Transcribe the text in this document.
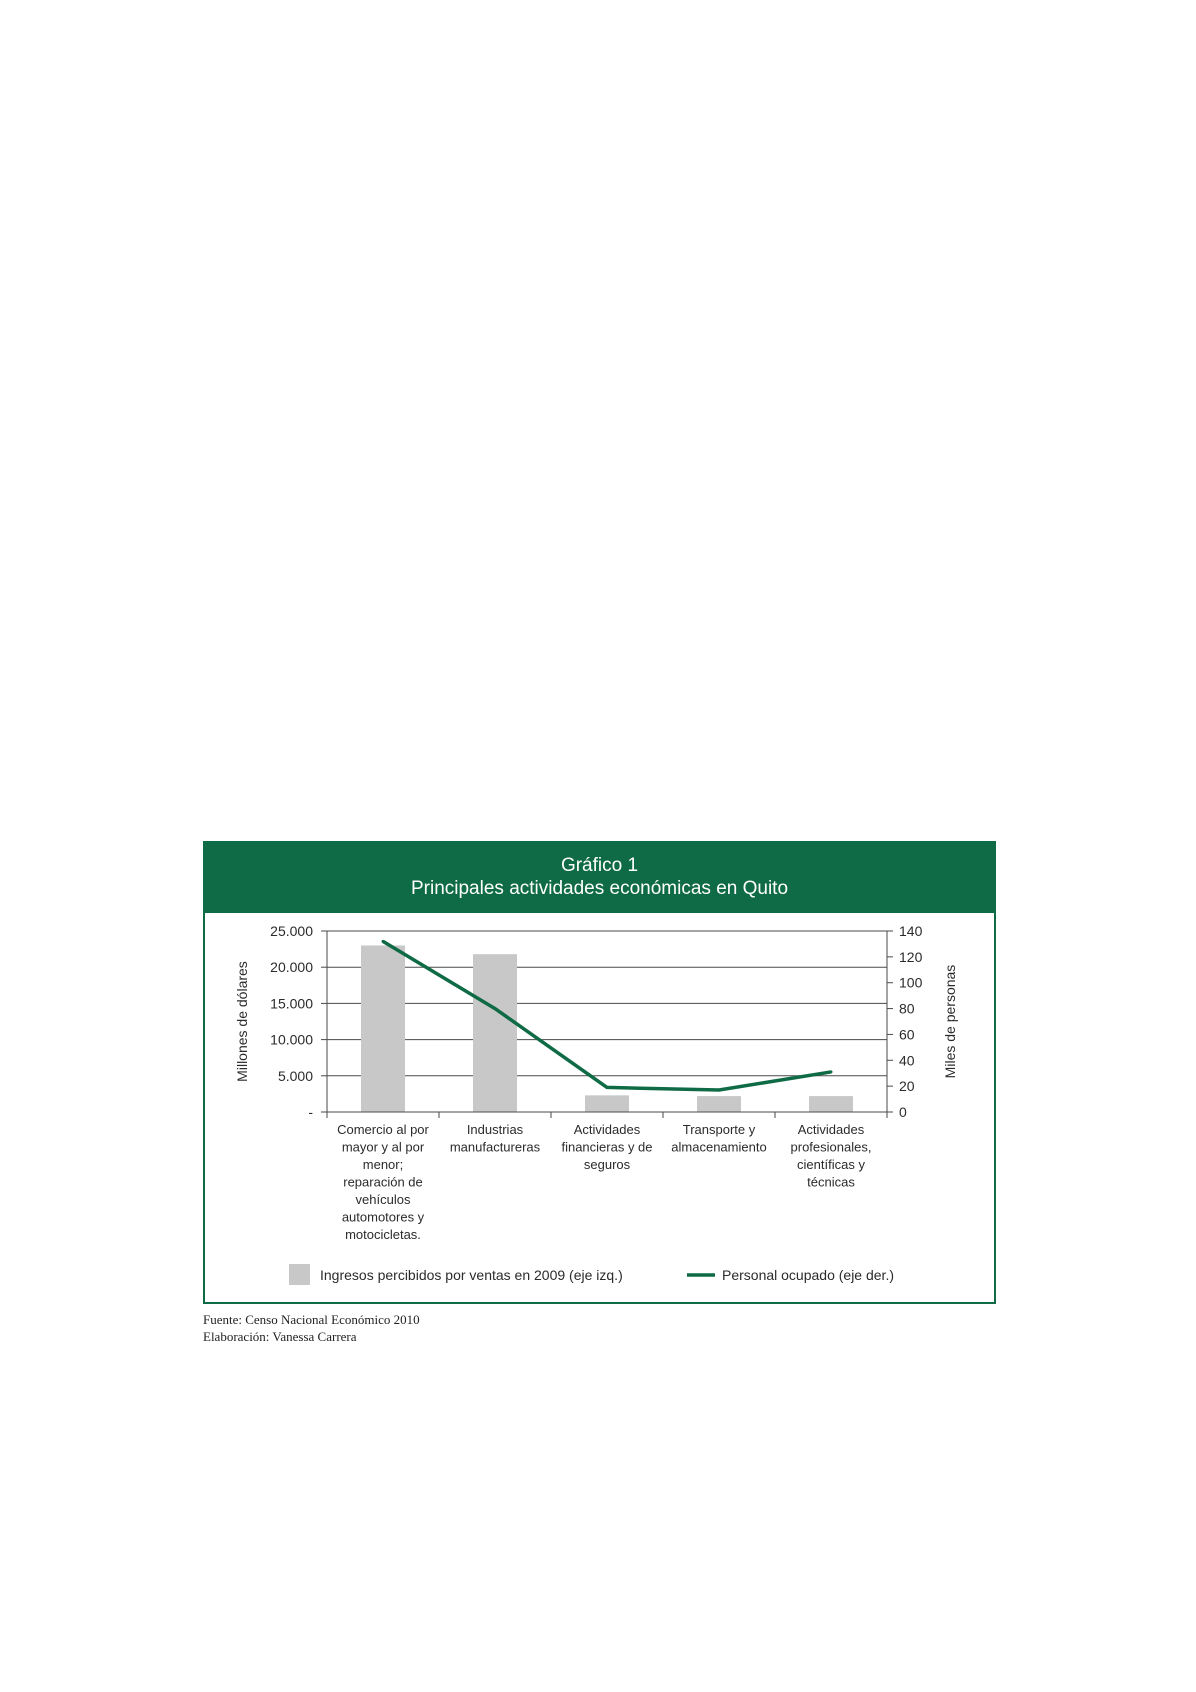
Gráfico 1
Principales actividades económicas en Quito
-
5.000
10.000
15.000
20.000
25.000
0
20
40
60
80
100
120
140
Comercio al por mayor y al por menor; reparación de vehículos automotores y motocicletas.
Industrias manufactureras
Actividades financieras y de seguros
Transporte y almacenamiento
Actividades profesionales, científicas y técnicas
Millones de dólares	Miles de personas
Ingresos percibidos por ventas en 2009 (eje izq.)	Personal ocupado (eje der.)
Fuente: Censo Nacional Económico 2010
Elaboración: Vanessa Carrera
